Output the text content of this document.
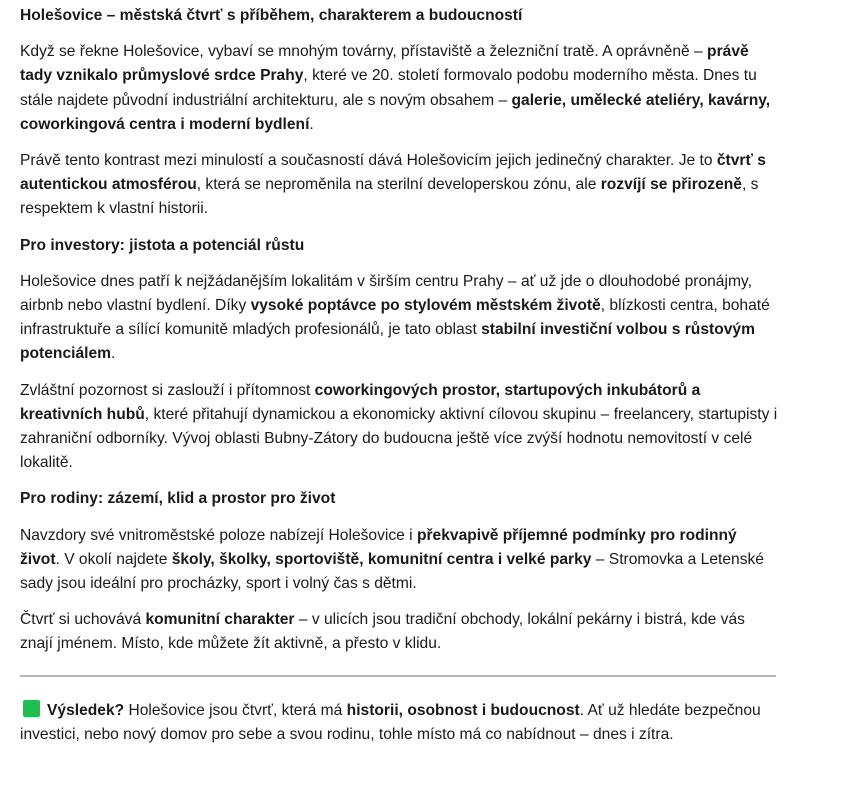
Holešovice – městská čtvrť s příběhem, charakterem a budoucností

Když se řekne Holešovice, vybaví se mnohým továrny, přístaviště a železniční tratě. A oprávněně – právě tady vznikalo průmyslové srdce Prahy, které ve 20. století formovalo podobu moderního města. Dnes tu stále najdete původní industriální architekturu, ale s novým obsahem – galerie, umělecké ateliéry, kavárny, coworkingová centra i moderní bydlení.

Právě tento kontrast mezi minulostí a současností dává Holešovicím jejich jedinečný charakter. Je to čtvrť s autentickou atmosférou, která se neproměnila na sterilní developerskou zónu, ale rozvíjí se přirozeně, s respektem k vlastní historii.

Pro investory: jistota a potenciál růstu

Holešovice dnes patří k nejžádanějším lokalitám v širším centru Prahy – ať už jde o dlouhodobé pronájmy, airbnb nebo vlastní bydlení. Díky vysoké poptávce po stylovém městském životě, blízkosti centra, bohaté infrastruktuře a sílící komunitě mladých profesionálů, je tato oblast stabilní investiční volbou s růstovým potenciálem.

Zvláštní pozornost si zaslouží i přítomnost coworkingových prostor, startupových inkubátorů a kreativních hubů, které přitahují dynamickou a ekonomicky aktivní cílovou skupinu – freelancery, startupisty i zahraniční odborníky. Vývoj oblasti Bubny-Zátory do budoucna ještě více zvýší hodnotu nemovitostí v celé lokalitě.

Pro rodiny: zázemí, klid a prostor pro život

Navzdory své vnitroměstské poloze nabízejí Holešovice i překvapivě příjemné podmínky pro rodinný život. V okolí najdete školy, školky, sportoviště, komunitní centra i velké parky – Stromovka a Letenské sady jsou ideální pro procházky, sport i volný čas s dětmi.

Čtvrť si uchovává komunitní charakter – v ulicích jsou tradiční obchody, lokální pekárny i bistrá, kde vás znají jménem. Místo, kde můžete žít aktivně, a přesto v klidu.

Výsledek? Holešovice jsou čtvrť, která má historii, osobnost i budoucnost. Ať už hledáte bezpečnou investici, nebo nový domov pro sebe a svou rodinu, tohle místo má co nabídnout – dnes i zítra.
